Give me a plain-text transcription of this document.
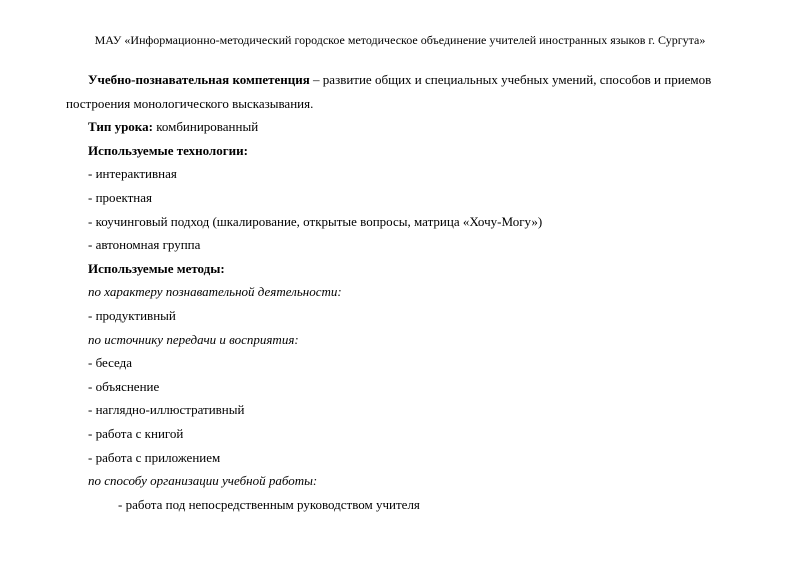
МАУ «Информационно-методический городское методическое объединение учителей иностранных языков г. Сургута»

Учебно-познавательная компетенция – развитие общих и специальных учебных умений, способов и приемов построения монологического высказывания.

Тип урока: комбинированный

Используемые технологии:

- интерактивная

- проектная

- коучинговый подход (шкалирование, открытые вопросы, матрица «Хочу-Могу»)

- автономная группа

Используемые методы:

по характеру познавательной деятельности:

- продуктивный

по источнику передачи и восприятия:

- беседа

- объяснение

- наглядно-иллюстративный

- работа с книгой

- работа с приложением

по способу организации учебной работы:

- работа под непосредственным руководством учителя
